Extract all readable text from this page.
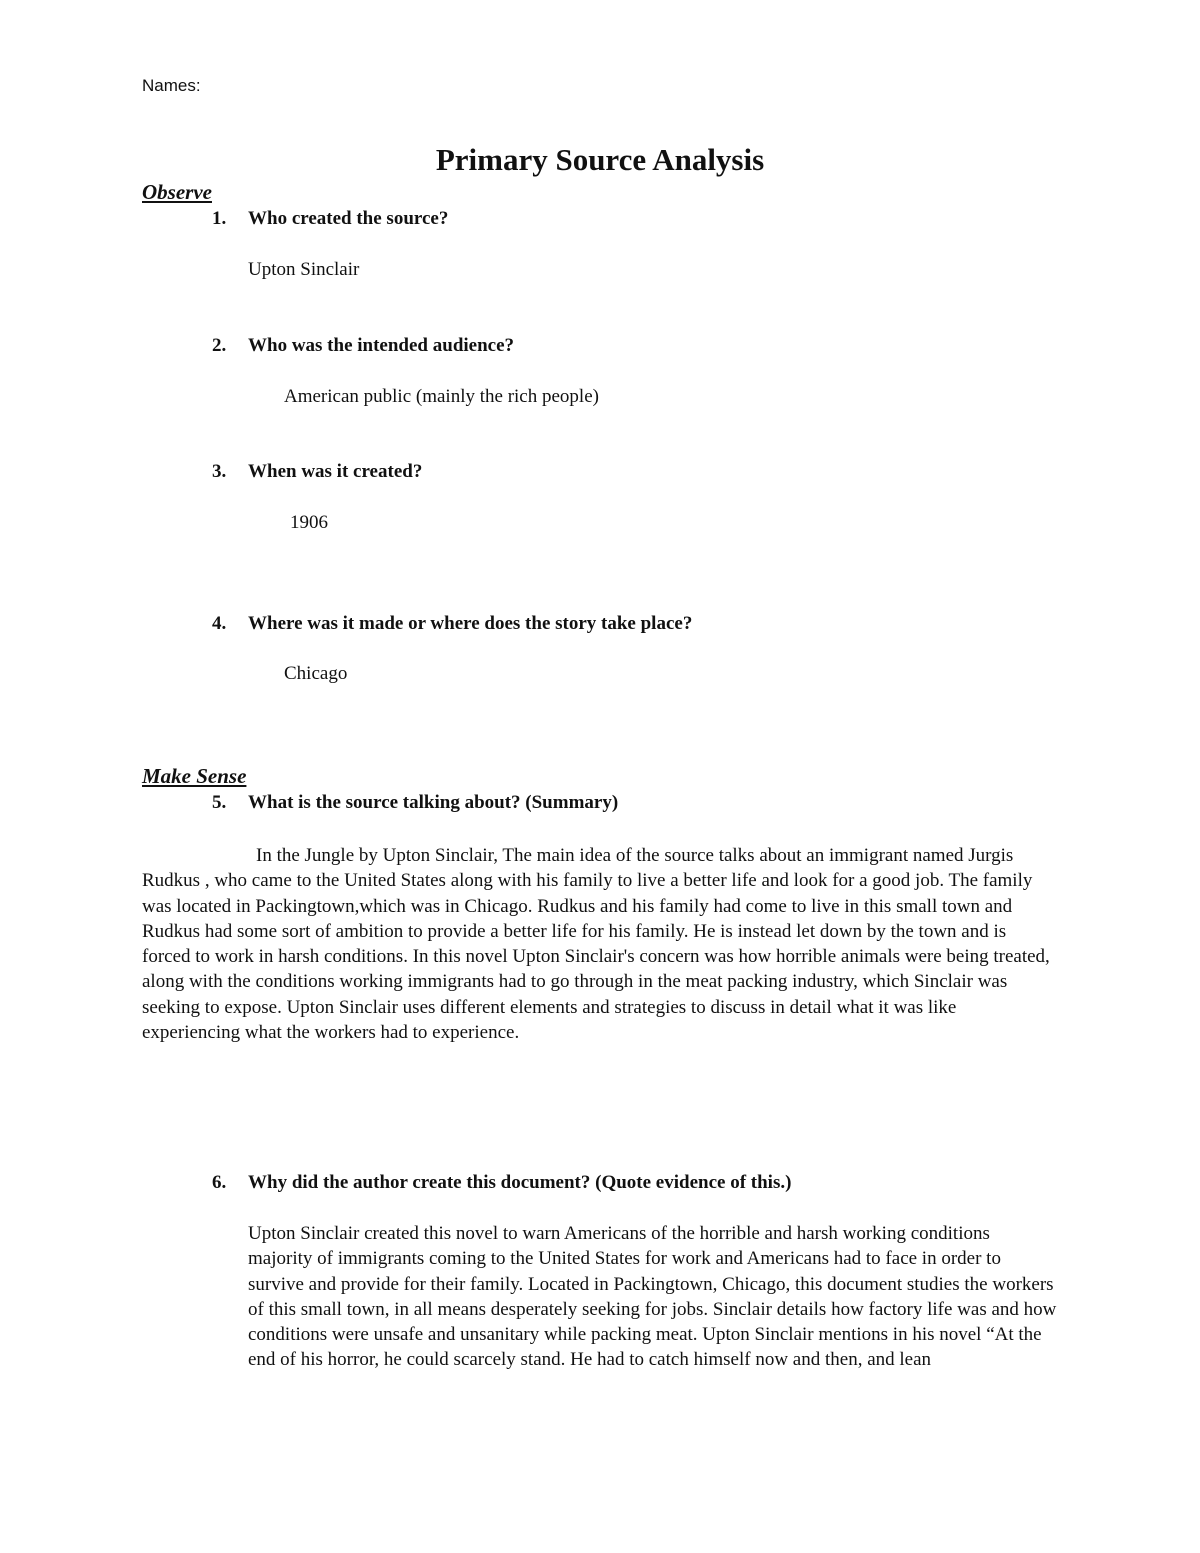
Names:
Primary Source Analysis
Observe
1.	Who created the source?
Upton Sinclair
2.	Who was the intended audience?
American public (mainly the rich people)
3.	When was it created?
1906
4.	Where was it made or where does the story take place?
Chicago
Make Sense
5.	What is the source talking about? (Summary)

In the Jungle by Upton Sinclair, The main idea of the source talks about an immigrant named Jurgis Rudkus , who came to the United States along with his family to live a better life and look for a good job. The family was located in Packingtown,which was in Chicago. Rudkus and his family had come to live in this small town and Rudkus had some sort of ambition to provide a better life for his family. He is instead let down by the town and is forced to work in harsh conditions. In this novel Upton Sinclair's concern was how horrible animals were being treated, along with the conditions working immigrants had to go through in the meat packing industry, which Sinclair was seeking to expose. Upton Sinclair uses different elements and strategies to discuss in detail what it was like experiencing what the workers had to experience.

6.	Why did the author create this document? (Quote evidence of this.)

Upton Sinclair created this novel to warn Americans of the horrible and harsh working conditions majority of immigrants coming to the United States for work and Americans had to face in order to survive and provide for their family. Located in Packingtown, Chicago, this document studies the workers of this small town, in all means desperately seeking for jobs. Sinclair details how factory life was and how conditions were unsafe and unsanitary while packing meat. Upton Sinclair mentions in his novel “At the end of his horror, he could scarcely stand. He had to catch himself now and then, and lean
